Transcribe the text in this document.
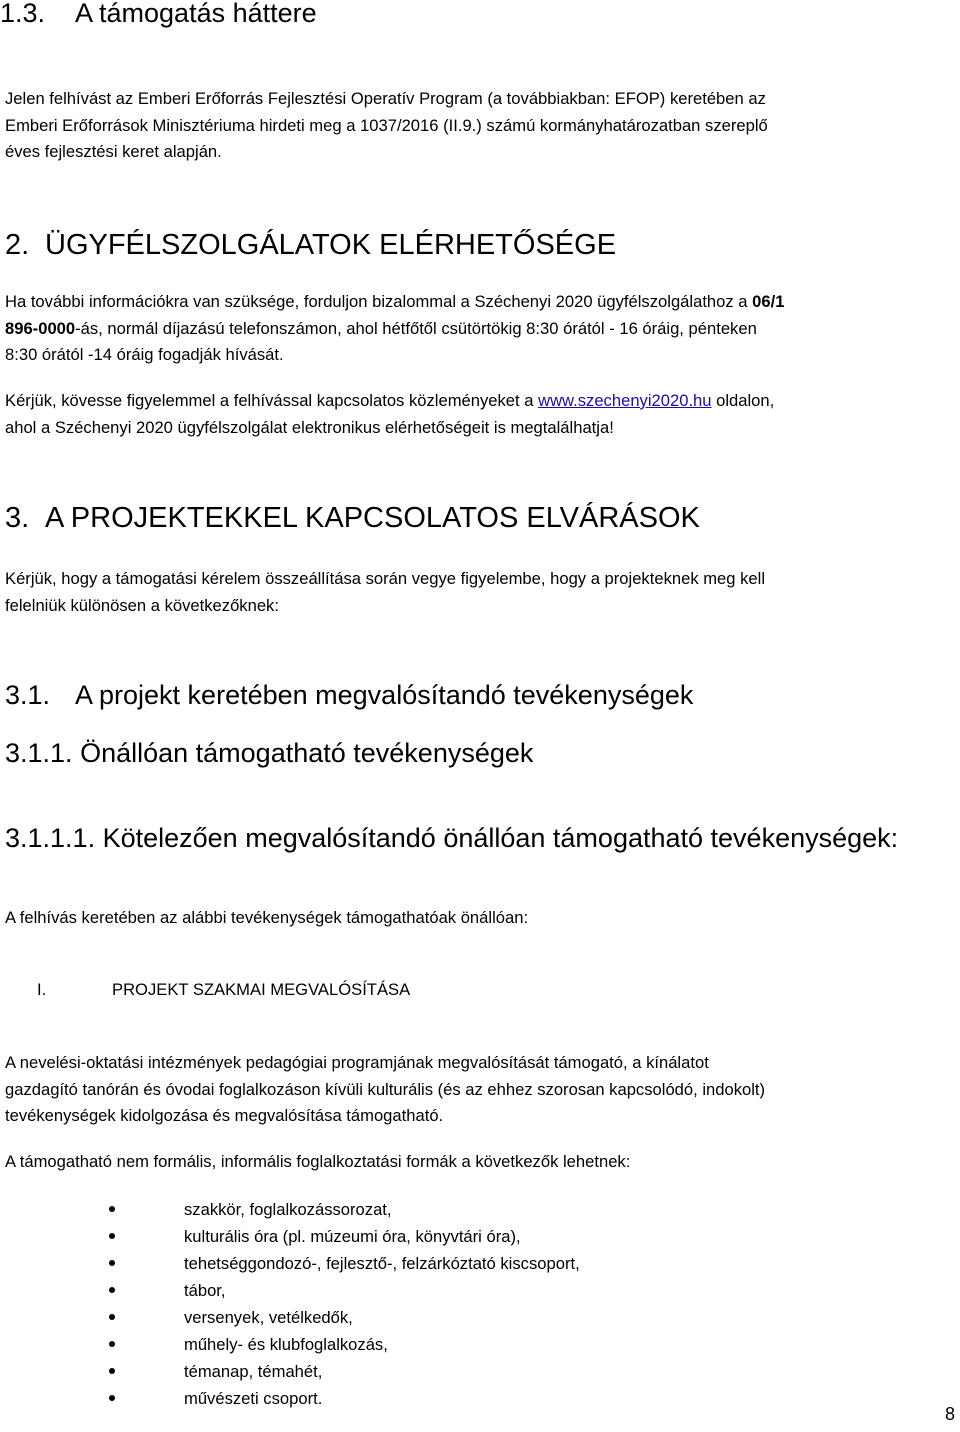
1.3. A támogatás háttere
Jelen felhívást az Emberi Erőforrás Fejlesztési Operatív Program (a továbbiakban: EFOP) keretében az
Emberi Erőforrások Minisztériuma hirdeti meg a 1037/2016 (II.9.) számú kormányhatározatban szereplő
éves fejlesztési keret alapján.
2. ÜGYFÉLSZOLGÁLATOK ELÉRHETŐSÉGE
Ha további információkra van szüksége, forduljon bizalommal a Széchenyi 2020 ügyfélszolgálathoz a 06/1
896-0000-ás, normál díjazású telefonszámon, ahol hétfőtől csütörtökig 8:30 órától - 16 óráig, pénteken
8:30 órától -14 óráig fogadják hívását.
Kérjük, kövesse figyelemmel a felhívással kapcsolatos közleményeket a www.szechenyi2020.hu oldalon,
ahol a Széchenyi 2020 ügyfélszolgálat elektronikus elérhetőségeit is megtalálhatja!
3. A PROJEKTEKKEL KAPCSOLATOS ELVÁRÁSOK
Kérjük, hogy a támogatási kérelem összeállítása során vegye figyelembe, hogy a projekteknek meg kell
felelniük különösen a következőknek:
3.1. A projekt keretében megvalósítandó tevékenységek
3.1.1. Önállóan támogatható tevékenységek
3.1.1.1. Kötelezően megvalósítandó önállóan támogatható tevékenységek:
A felhívás keretében az alábbi tevékenységek támogathatóak önállóan:
I.	PROJEKT SZAKMAI MEGVALÓSÍTÁSA
A nevelési-oktatási intézmények pedagógiai programjának megvalósítását támogató, a kínálatot
gazdagító tanórán és óvodai foglalkozáson kívüli kulturális (és az ehhez szorosan kapcsolódó, indokolt)
tevékenységek kidolgozása és megvalósítása támogatható.
A támogatható nem formális, informális foglalkoztatási formák a következők lehetnek:
szakkör, foglalkozássorozat,
kulturális óra (pl. múzeumi óra, könyvtári óra),
tehetséggondozó-, fejlesztő-, felzárkóztató kiscsoport,
tábor,
versenyek, vetélkedők,
műhely- és klubfoglalkozás,
témanap, témahét,
művészeti csoport.
8
